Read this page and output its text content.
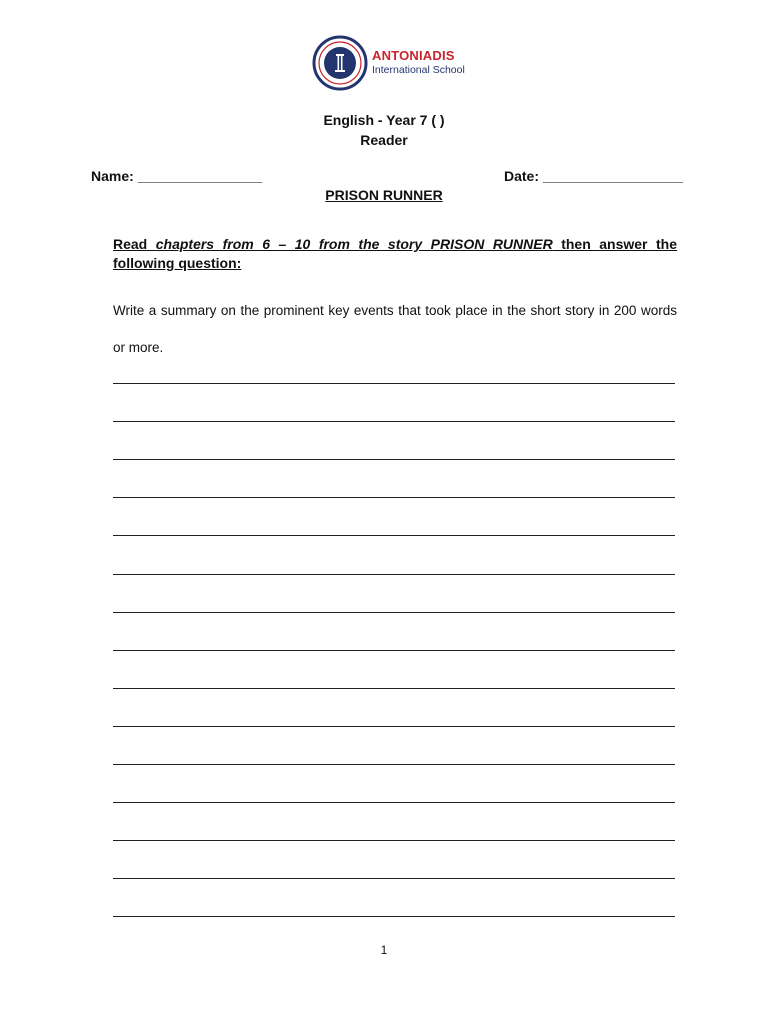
ANTONIADIS
International School
English - Year 7 ( )
Reader
Name: ________________	Date: __________________
PRISON RUNNER
Read chapters from 6 – 10 from the story PRISON RUNNER then answer the following question:
Write a summary on the prominent key events that took place in the short story in 200 words or more.
1
